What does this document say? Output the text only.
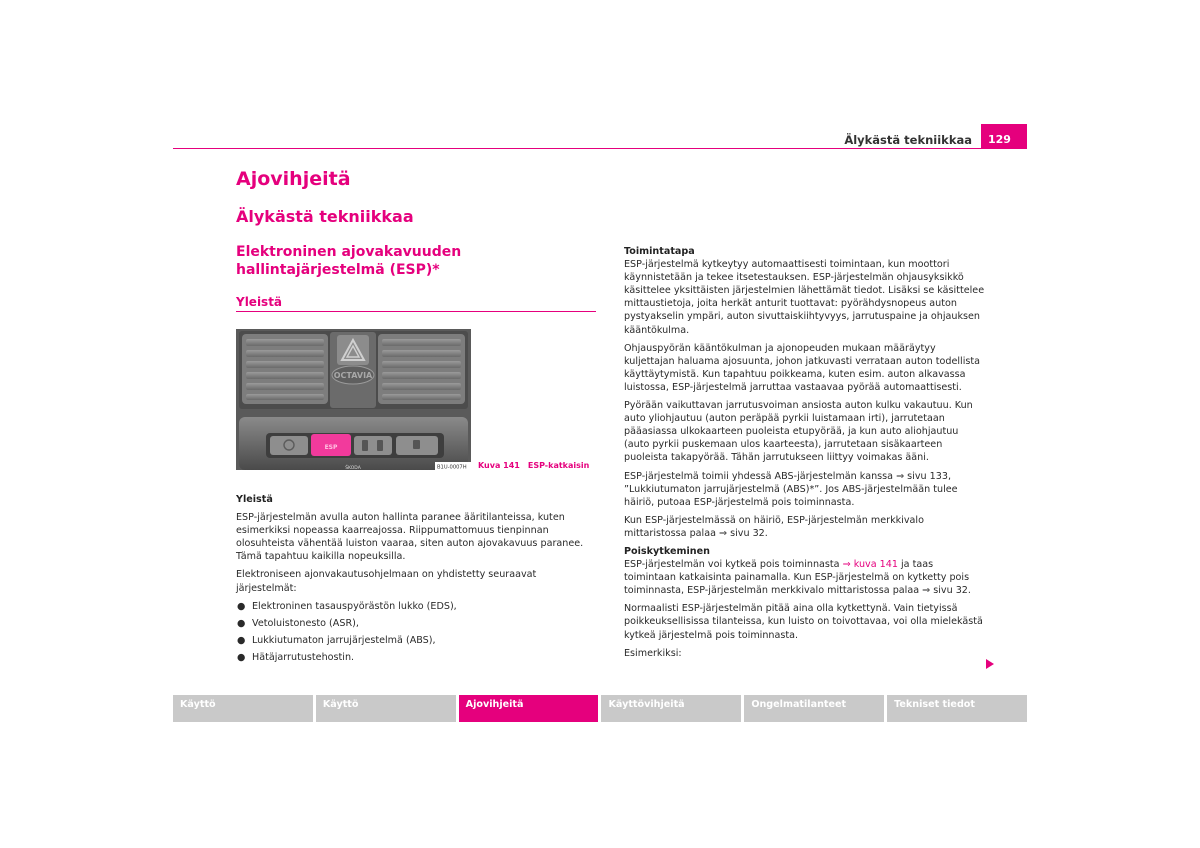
Älykästä tekniikkaa	129
Ajovihjeitä
Älykästä tekniikkaa
Elektroninen ajovakavuuden hallintajärjestelmä (ESP)*
Yleistä
OCTAVIA
ESP
ŠKODA	B1U-0007H Kuva 141 ESP-katkaisin
Yleistä
ESP-järjestelmän avulla auton hallinta paranee ääritilanteissa, kuten esimerkiksi nopeassa kaarreajossa. Riippumattomuus tienpinnan olosuhteista vähentää luiston vaaraa, siten auton ajovakavuus paranee. Tämä tapahtuu kaikilla nopeuksilla.
Elektroniseen ajonvakautusohjelmaan on yhdistetty seuraavat järjestelmät:
● Elektroninen tasauspyörästön lukko (EDS),
● Vetoluistonesto (ASR),
● Lukkiutumaton jarrujärjestelmä (ABS),
● Hätäjarrutustehostin.
Toimintatapa
ESP-järjestelmä kytkeytyy automaattisesti toimintaan, kun moottori käynnistetään ja tekee itsetestauksen. ESP-järjestelmän ohjausyksikkö käsittelee yksittäisten järjestelmien lähettämät tiedot. Lisäksi se käsittelee mittaustietoja, joita herkät anturit tuottavat: pyörähdysnopeus auton pystyakselin ympäri, auton sivuttaiskiihtyvyys, jarrutuspaine ja ohjauksen kääntökulma.
Ohjauspyörän kääntökulman ja ajonopeuden mukaan määräytyy kuljettajan haluama ajosuunta, johon jatkuvasti verrataan auton todellista käyttäytymistä. Kun tapahtuu poikkeama, kuten esim. auton alkavassa luistossa, ESP-järjestelmä jarruttaa vastaavaa pyörää automaattisesti.
Pyörään vaikuttavan jarrutusvoiman ansiosta auton kulku vakautuu. Kun auto yliohjautuu (auton peräpää pyrkii luistamaan irti), jarrutetaan pääasiassa ulkokaarteen puoleista etupyörää, ja kun auto aliohjautuu (auto pyrkii puskemaan ulos kaarteesta), jarrutetaan sisäkaarteen puoleista takapyörää. Tähän jarrutukseen liittyy voimakas ääni.
ESP-järjestelmä toimii yhdessä ABS-järjestelmän kanssa ⇒ sivu 133, ”Lukkiutumaton jarrujärjestelmä (ABS)*”. Jos ABS-järjestelmään tulee häiriö, putoaa ESP-järjestelmä pois toiminnasta.
Kun ESP-järjestelmässä on häiriö, ESP-järjestelmän merkkivalo mittaristossa palaa ⇒ sivu 32.
Poiskytkeminen
ESP-järjestelmän voi kytkeä pois toiminnasta ⇒ kuva 141 ja taas toimintaan katkaisinta painamalla. Kun ESP-järjestelmä on kytketty pois toiminnasta, ESP-järjestelmän merkkivalo mittaristossa palaa ⇒ sivu 32.
Normaalisti ESP-järjestelmän pitää aina olla kytkettynä. Vain tietyissä poikkeuksellisissa tilanteissa, kun luisto on toivottavaa, voi olla mielekästä kytkeä järjestelmä pois toiminnasta.
Esimerkiksi:
Käyttö	Käyttö	Ajovihjeitä	Käyttövihjeitä	Ongelmatilanteet	Tekniset tiedot
